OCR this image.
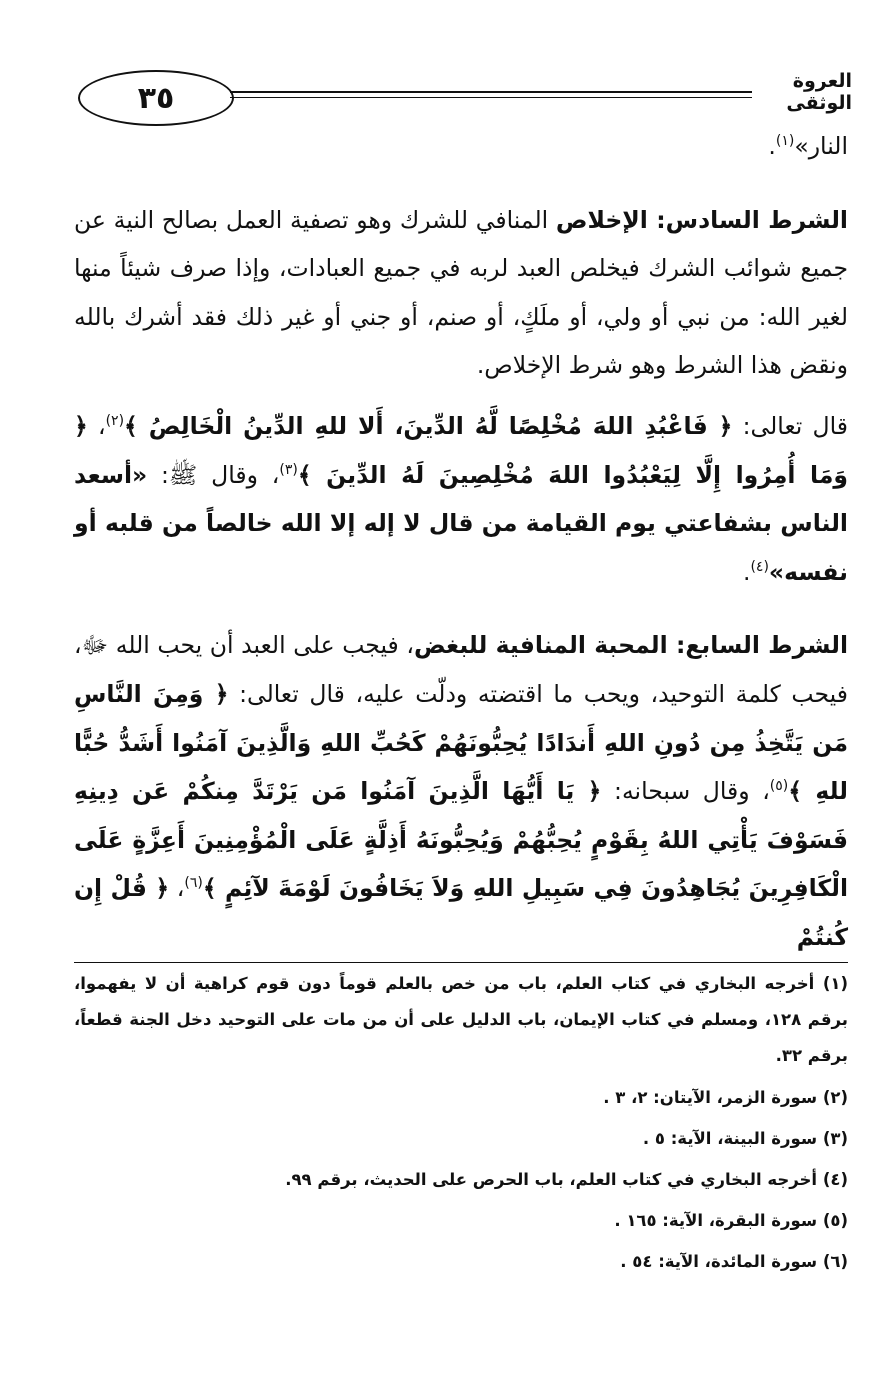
٣٥	العروة الوثقى

النار»$^{(١)}$.

الشرط السادس: الإخلاص المنافي للشرك وهو تصفية العمل بصالح النية عن جميع شوائب الشرك فيخلص العبد لربه في جميع العبادات، وإذا صرف شيئاً منها لغير الله: من نبي أو ولي، أو ملَكٍ، أو صنم، أو جني أو غير ذلك فقد أشرك بالله ونقض هذا الشرط وهو شرط الإخلاص.

قال تعالى: ﴿ فَاعْبُدِ اللهَ مُخْلِصًا لَّهُ الدِّينَ، أَلا للهِ الدِّينُ الْخَالِصُ ﴾$^{(٢)}$، ﴿ وَمَا أُمِرُوا إِلَّا لِيَعْبُدُوا اللهَ مُخْلِصِينَ لَهُ الدِّينَ ﴾$^{(٣)}$، وقال ﷺ: «أسعد الناس بشفاعتي يوم القيامة من قال لا إله إلا الله خالصاً من قلبه أو نفسه»$^{(٤)}$.

الشرط السابع: المحبة المنافية للبغض، فيجب على العبد أن يحب الله ﷻ، فيحب كلمة التوحيد، ويحب ما اقتضته ودلّت عليه، قال تعالى: ﴿ وَمِنَ النَّاسِ مَن يَتَّخِذُ مِن دُونِ اللهِ أَندَادًا يُحِبُّونَهُمْ كَحُبِّ اللهِ وَالَّذِينَ آمَنُوا أَشَدُّ حُبًّا للهِ ﴾$^{(٥)}$، وقال سبحانه: ﴿ يَا أَيُّهَا الَّذِينَ آمَنُوا مَن يَرْتَدَّ مِنكُمْ عَن دِينِهِ فَسَوْفَ يَأْتِي اللهُ بِقَوْمٍ يُحِبُّهُمْ وَيُحِبُّونَهُ أَذِلَّةٍ عَلَى الْمُؤْمِنِينَ أَعِزَّةٍ عَلَى الْكَافِرِينَ يُجَاهِدُونَ فِي سَبِيلِ اللهِ وَلاَ يَخَافُونَ لَوْمَةَ لآئِمٍ ﴾$^{(٦)}$، ﴿ قُلْ إِن كُنتُمْ

(١) أخرجه البخاري في كتاب العلم، باب من خص بالعلم قوماً دون قوم كراهية أن لا يفهموا، برقم ١٢٨، ومسلم في كتاب الإيمان، باب الدليل على أن من مات على التوحيد دخل الجنة قطعاً، برقم ٣٢.

(٢) سورة الزمر، الآيتان: ٢، ٣ .

(٣) سورة البينة، الآية: ٥ .

(٤) أخرجه البخاري في كتاب العلم، باب الحرص على الحديث، برقم ٩٩.

(٥) سورة البقرة، الآية: ١٦٥ .

(٦) سورة المائدة، الآية: ٥٤ .
